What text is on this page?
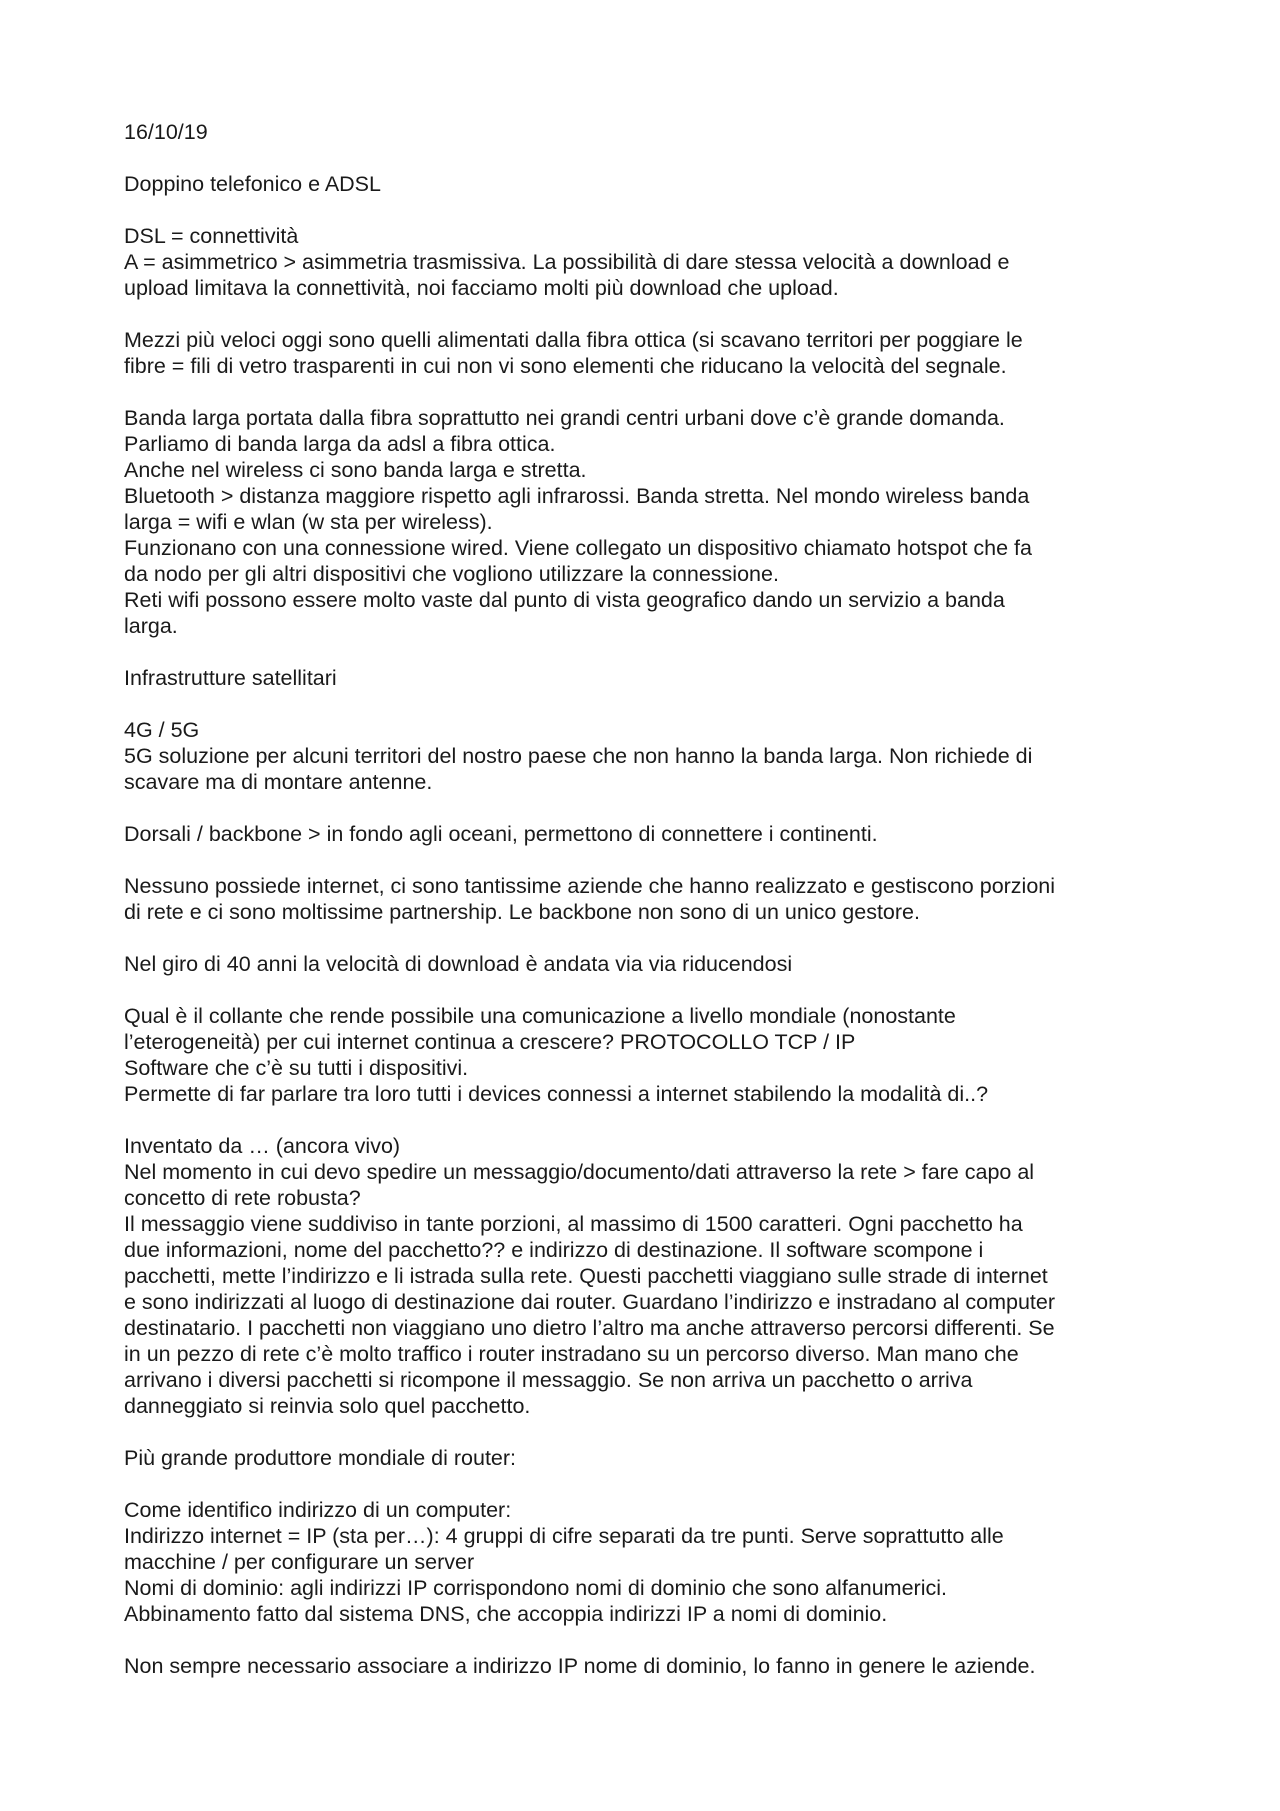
16/10/19
Doppino telefonico e ADSL
DSL = connettività
A = asimmetrico > asimmetria trasmissiva. La possibilità di dare stessa velocità a download e
upload limitava la connettività, noi facciamo molti più download che upload.
Mezzi più veloci oggi sono quelli alimentati dalla fibra ottica (si scavano territori per poggiare le
fibre = fili di vetro trasparenti in cui non vi sono elementi che riducano la velocità del segnale.
Banda larga portata dalla fibra soprattutto nei grandi centri urbani dove c’è grande domanda.
Parliamo di banda larga da adsl a fibra ottica.
Anche nel wireless ci sono banda larga e stretta.
Bluetooth > distanza maggiore rispetto agli infrarossi. Banda stretta. Nel mondo wireless banda
larga = wifi e wlan (w sta per wireless).
Funzionano con una connessione wired. Viene collegato un dispositivo chiamato hotspot che fa
da nodo per gli altri dispositivi che vogliono utilizzare la connessione.
Reti wifi possono essere molto vaste dal punto di vista geografico dando un servizio a banda
larga.
Infrastrutture satellitari
4G / 5G
5G soluzione per alcuni territori del nostro paese che non hanno la banda larga. Non richiede di
scavare ma di montare antenne.
Dorsali / backbone > in fondo agli oceani, permettono di connettere i continenti.
Nessuno possiede internet, ci sono tantissime aziende che hanno realizzato e gestiscono porzioni
di rete e ci sono moltissime partnership. Le backbone non sono di un unico gestore.
Nel giro di 40 anni la velocità di download è andata via via riducendosi
Qual è il collante che rende possibile una comunicazione a livello mondiale (nonostante
l’eterogeneità) per cui internet continua a crescere? PROTOCOLLO TCP / IP
Software che c’è su tutti i dispositivi.
Permette di far parlare tra loro tutti i devices connessi a internet stabilendo la modalità di..?
Inventato da … (ancora vivo)
Nel momento in cui devo spedire un messaggio/documento/dati attraverso la rete > fare capo al
concetto di rete robusta?
Il messaggio viene suddiviso in tante porzioni, al massimo di 1500 caratteri. Ogni pacchetto ha
due informazioni, nome del pacchetto?? e indirizzo di destinazione. Il software scompone i
pacchetti, mette l’indirizzo e li istrada sulla rete. Questi pacchetti viaggiano sulle strade di internet
e sono indirizzati al luogo di destinazione dai router. Guardano l’indirizzo e instradano al computer
destinatario. I pacchetti non viaggiano uno dietro l’altro ma anche attraverso percorsi differenti. Se
in un pezzo di rete c’è molto traffico i router instradano su un percorso diverso. Man mano che
arrivano i diversi pacchetti si ricompone il messaggio. Se non arriva un pacchetto o arriva
danneggiato si reinvia solo quel pacchetto.
Più grande produttore mondiale di router:
Come identifico indirizzo di un computer:
Indirizzo internet = IP (sta per…): 4 gruppi di cifre separati da tre punti. Serve soprattutto alle
macchine / per configurare un server
Nomi di dominio: agli indirizzi IP corrispondono nomi di dominio che sono alfanumerici.
Abbinamento fatto dal sistema DNS, che accoppia indirizzi IP a nomi di dominio.
Non sempre necessario associare a indirizzo IP nome di dominio, lo fanno in genere le aziende.
